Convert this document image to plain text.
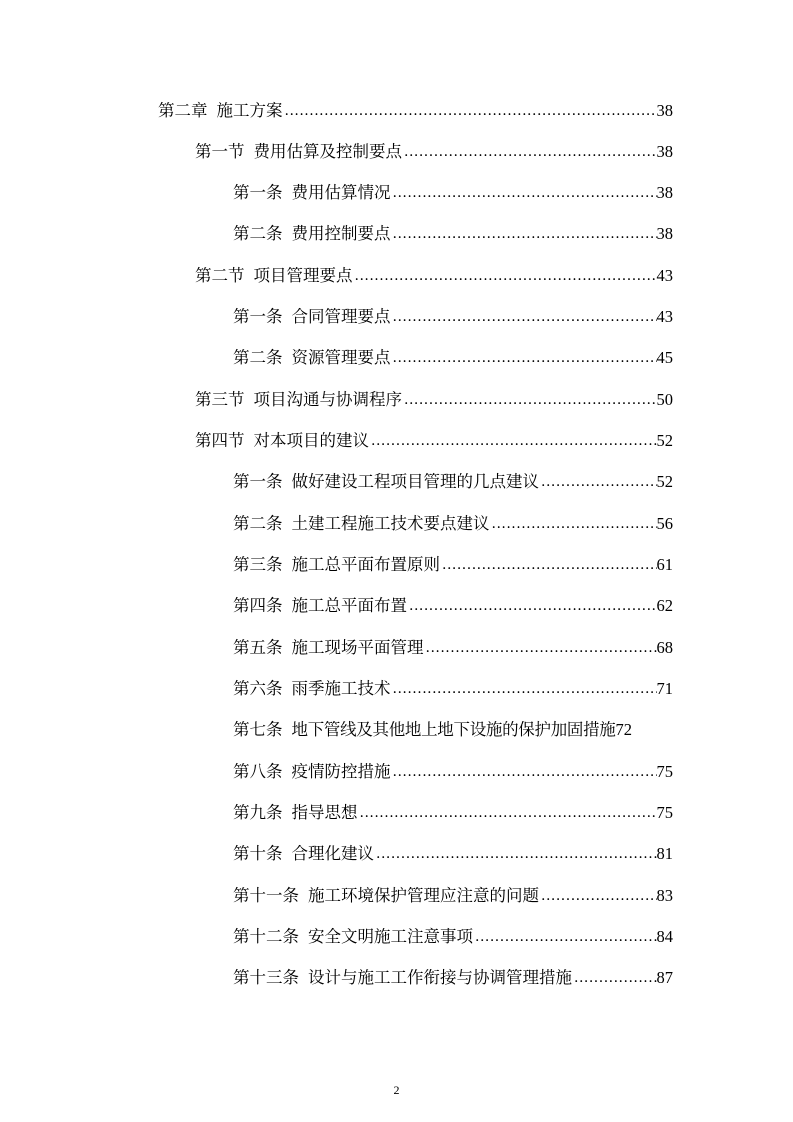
第二章 施工方案 .....	38
第一节 费用估算及控制要点 .....	38
第一条 费用估算情况 .....	38
第二条 费用控制要点 .....	38
第二节 项目管理要点 .....	43
第一条 合同管理要点 .....	43
第二条 资源管理要点 .....	45
第三节 项目沟通与协调程序 .....	50
第四节 对本项目的建议 .....	52
第一条 做好建设工程项目管理的几点建议 .....	52
第二条 土建工程施工技术要点建议 .....	56
第三条 施工总平面布置原则 .....	61
第四条 施工总平面布置 .....	62
第五条 施工现场平面管理 .....	68
第六条 雨季施工技术 .....	71
第七条 地下管线及其他地上地下设施的保护加固措施 72
第八条 疫情防控措施 .....	75
第九条 指导思想 .....	75
第十条 合理化建议 .....	81
第十一条 施工环境保护管理应注意的问题 .....	83
第十二条 安全文明施工注意事项 .....	84
第十三条 设计与施工工作衔接与协调管理措施 .....	87
2
